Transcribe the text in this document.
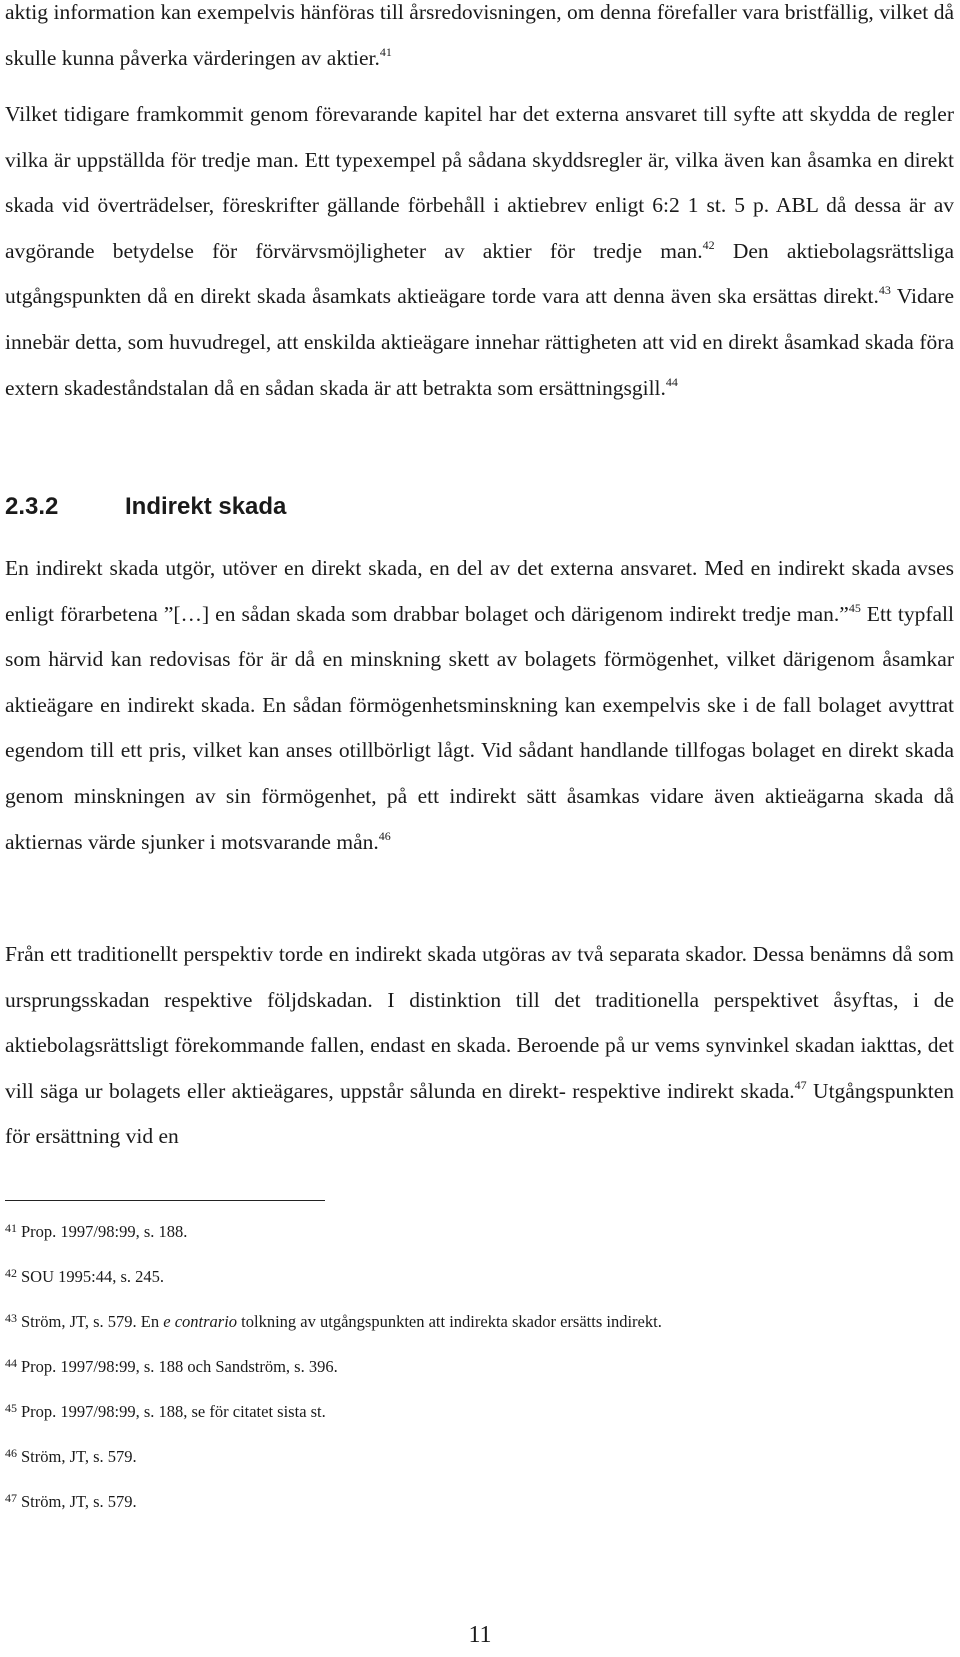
aktig information kan exempelvis hänföras till årsredovisningen, om denna förefaller vara bristfällig, vilket då skulle kunna påverka värderingen av aktier.$^{41}$

Vilket tidigare framkommit genom förevarande kapitel har det externa ansvaret till syfte att skydda de regler vilka är uppställda för tredje man. Ett typexempel på sådana skyddsregler är, vilka även kan åsamka en direkt skada vid överträdelser, föreskrifter gällande förbehåll i aktiebrev enligt 6:2 1 st. 5 p. ABL då dessa är av avgörande betydelse för förvärvsmöjligheter av aktier för tredje man.$^{42}$ Den aktiebolagsrättsliga utgångspunkten då en direkt skada åsamkats aktieägare torde vara att denna även ska ersättas direkt.$^{43}$ Vidare innebär detta, som huvudregel, att enskilda aktieägare innehar rättigheten att vid en direkt åsamkad skada föra extern skadeståndstalan då en sådan skada är att betrakta som ersättningsgill.$^{44}$

2.3.2	Indirekt skada

En indirekt skada utgör, utöver en direkt skada, en del av det externa ansvaret. Med en indirekt skada avses enligt förarbetena ”[…] en sådan skada som drabbar bolaget och därigenom indirekt tredje man.”$^{45}$ Ett typfall som härvid kan redovisas för är då en minskning skett av bolagets förmögenhet, vilket därigenom åsamkar aktieägare en indirekt skada. En sådan förmögenhetsminskning kan exempelvis ske i de fall bolaget avyttrat egendom till ett pris, vilket kan anses otillbörligt lågt. Vid sådant handlande tillfogas bolaget en direkt skada genom minskningen av sin förmögenhet, på ett indirekt sätt åsamkas vidare även aktieägarna skada då aktiernas värde sjunker i motsvarande mån.$^{46}$

Från ett traditionellt perspektiv torde en indirekt skada utgöras av två separata skador. Dessa benämns då som ursprungsskadan respektive följdskadan. I distinktion till det traditionella perspektivet åsyftas, i de aktiebolagsrättsligt förekommande fallen, endast en skada. Beroende på ur vems synvinkel skadan iakttas, det vill säga ur bolagets eller aktieägares, uppstår sålunda en direkt- respektive indirekt skada.$^{47}$ Utgångspunkten för ersättning vid en

$^{41}$ Prop. 1997/98:99, s. 188.

$^{42}$ SOU 1995:44, s. 245.

$^{43}$ Ström, JT, s. 579. En e contrario tolkning av utgångspunkten att indirekta skador ersätts indirekt.

$^{44}$ Prop. 1997/98:99, s. 188 och Sandström, s. 396.

$^{45}$ Prop. 1997/98:99, s. 188, se för citatet sista st.

$^{46}$ Ström, JT, s. 579.

$^{47}$ Ström, JT, s. 579.

11
